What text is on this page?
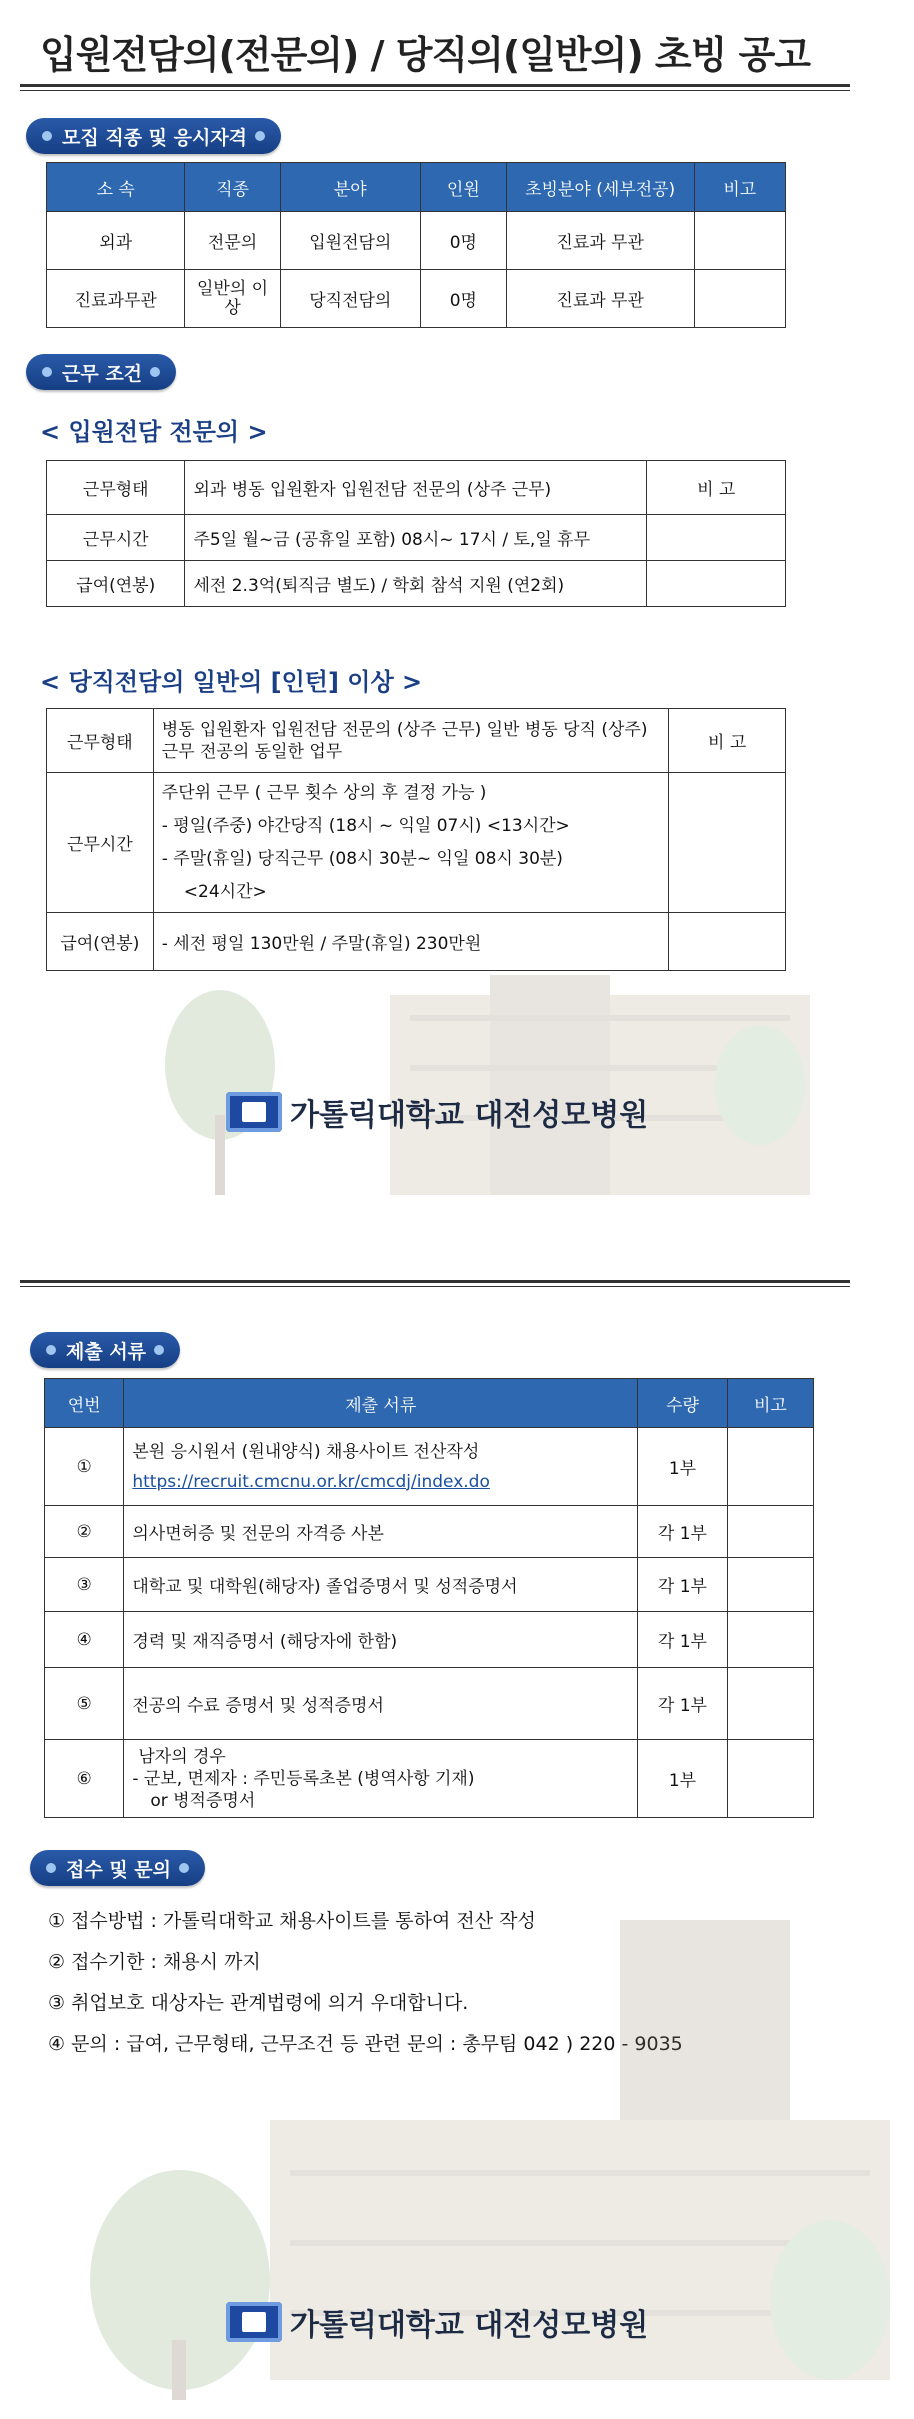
입원전담의(전문의) / 당직의(일반의) 초빙 공고
모집 직종 및 응시자격
소 속	직종	분야	인원	초빙분야 (세부전공)	비고
외과	전문의	입원전담의	0명	진료과 무관	
진료과무관	일반의 이상	당직전담의	0명	진료과 무관	
근무 조건
< 입원전담 전문의 >
근무형태	외과 병동 입원환자 입원전담 전문의 (상주 근무)	비 고
근무시간	주5일 월~금 (공휴일 포함) 08시~ 17시 / 토,일 휴무	
급여(연봉)	세전 2.3억(퇴직금 별도) / 학회 참석 지원 (연2회)	
< 당직전담의 일반의 [인턴] 이상 >
근무형태	병동 입원환자 입원전담 전문의 (상주 근무) 일반 병동 당직 (상주) 근무 전공의 동일한 업무	비 고
근무시간	주단위 근무 ( 근무 횟수 상의 후 결정 가능 )
- 평일(주중) 야간당직 (18시 ~ 익일 07시) <13시간>
- 주말(휴일) 당직근무 (08시 30분~ 익일 08시 30분)
<24시간>	

급여(연봉)	- 세전 평일 130만원 / 주말(휴일) 230만원	
가톨릭대학교 대전성모병원
제출 서류
연번	제출 서류	수량	비고
①	본원 응시원서 (원내양식) 채용사이트 전산작성
https://recruit.cmcnu.or.kr/cmcdj/index.do	1부	
②	의사면허증 및 전문의 자격증 사본	각 1부	
③	대학교 및 대학원(해당자) 졸업증명서 및 성적증명서	각 1부	
④	경력 및 재직증명서 (해당자에 한함)	각 1부	
⑤	전공의 수료 증명서 및 성적증명서	각 1부	
⑥	남자의 경우
- 군보, 면제자 : 주민등록초본 (병역사항 기재)
or 병적증명서	1부	
접수 및 문의

① 접수방법 : 가톨릭대학교 채용사이트를 통하여 전산 작성

② 접수기한 : 채용시 까지

③ 취업보호 대상자는 관계법령에 의거 우대합니다.

④ 문의 : 급여, 근무형태, 근무조건 등 관련 문의 : 총무팀 042 ) 220 - 9035

가톨릭대학교 대전성모병원
